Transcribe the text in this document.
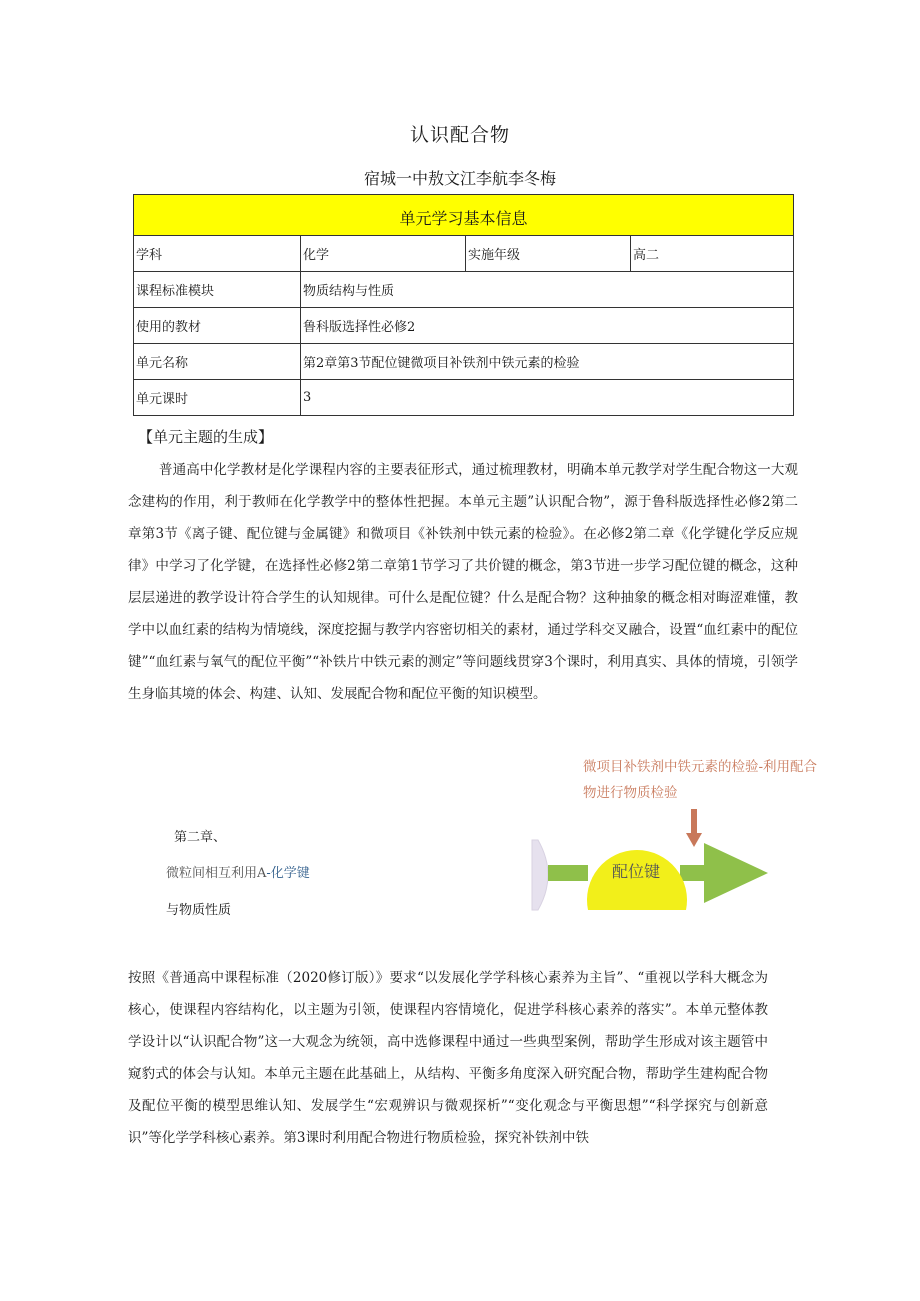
认识配合物
宿城一中敖文江李航李冬梅
单元学习基本信息			
学科	化学	实施年级	高二
课程标准模块	物质结构与性质		
使用的教材	鲁科版选择性必修2		
单元名称	第2章第3节配位键微项目补铁剂中铁元素的检验		
单元课时	3		
【单元主题的生成】
普通高中化学教材是化学课程内容的主要表征形式，通过梳理教材，明确本单元教学对学生配合物这一大观念建构的作用，利于教师在化学教学中的整体性把握。本单元主题”认识配合物”，源于鲁科版选择性必修2第二章第3节《离子键、配位键与金属键》和微项目《补铁剂中铁元素的检验》。在必修2第二章《化学键化学反应规律》中学习了化学键，在选择性必修2第二章第1节学习了共价键的概念，第3节进一步学习配位键的概念，这种层层递进的教学设计符合学生的认知规律。可什么是配位键？什么是配合物？这种抽象的概念相对晦涩难懂，教学中以血红素的结构为情境线，深度挖掘与教学内容密切相关的素材，通过学科交叉融合，设置“血红素中的配位键”“血红素与氧气的配位平衡”“补铁片中铁元素的测定”等问题线贯穿3个课时，利用真实、具体的情境，引领学生身临其境的体会、构建、认知、发展配合物和配位平衡的知识模型。
微项目补铁剂中铁元素的检验-利用配合物进行物质检验
配位键
第二章、
微粒间相互利用A-化学键
与物质性质
按照《普通高中课程标准（2020修订版）》要求“以发展化学学科核心素养为主旨”、“重视以学科大概念为核心，使课程内容结构化，以主题为引领，使课程内容情境化，促进学科核心素养的落实”。本单元整体教学设计以“认识配合物”这一大观念为统领，高中选修课程中通过一些典型案例，帮助学生形成对该主题管中窥豹式的体会与认知。本单元主题在此基础上，从结构、平衡多角度深入研究配合物，帮助学生建构配合物及配位平衡的模型思维认知、发展学生“宏观辨识与微观探析”“变化观念与平衡思想”“科学探究与创新意识”等化学学科核心素养。第3课时利用配合物进行物质检验，探究补铁剂中铁
